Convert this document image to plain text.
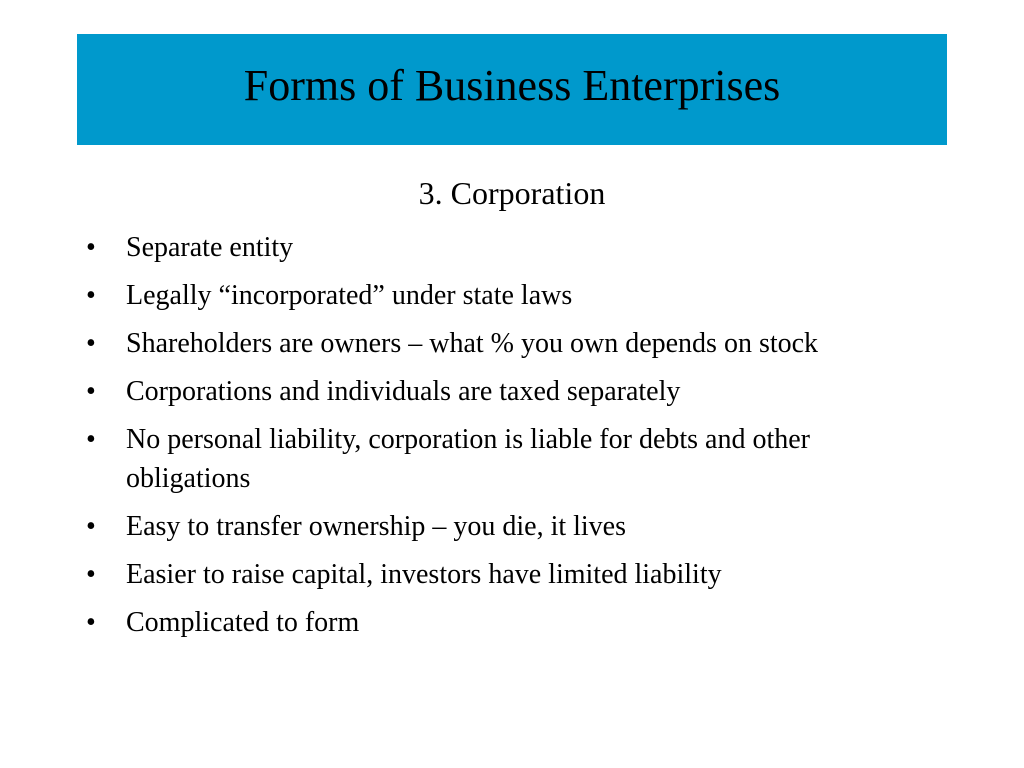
Forms of Business Enterprises
3. Corporation
• Separate entity
• Legally “incorporated” under state laws
• Shareholders are owners – what % you own depends on stock
• Corporations and individuals are taxed separately
• No personal liability, corporation is liable for debts and other obligations
• Easy to transfer ownership – you die, it lives
• Easier to raise capital, investors have limited liability
• Complicated to form
